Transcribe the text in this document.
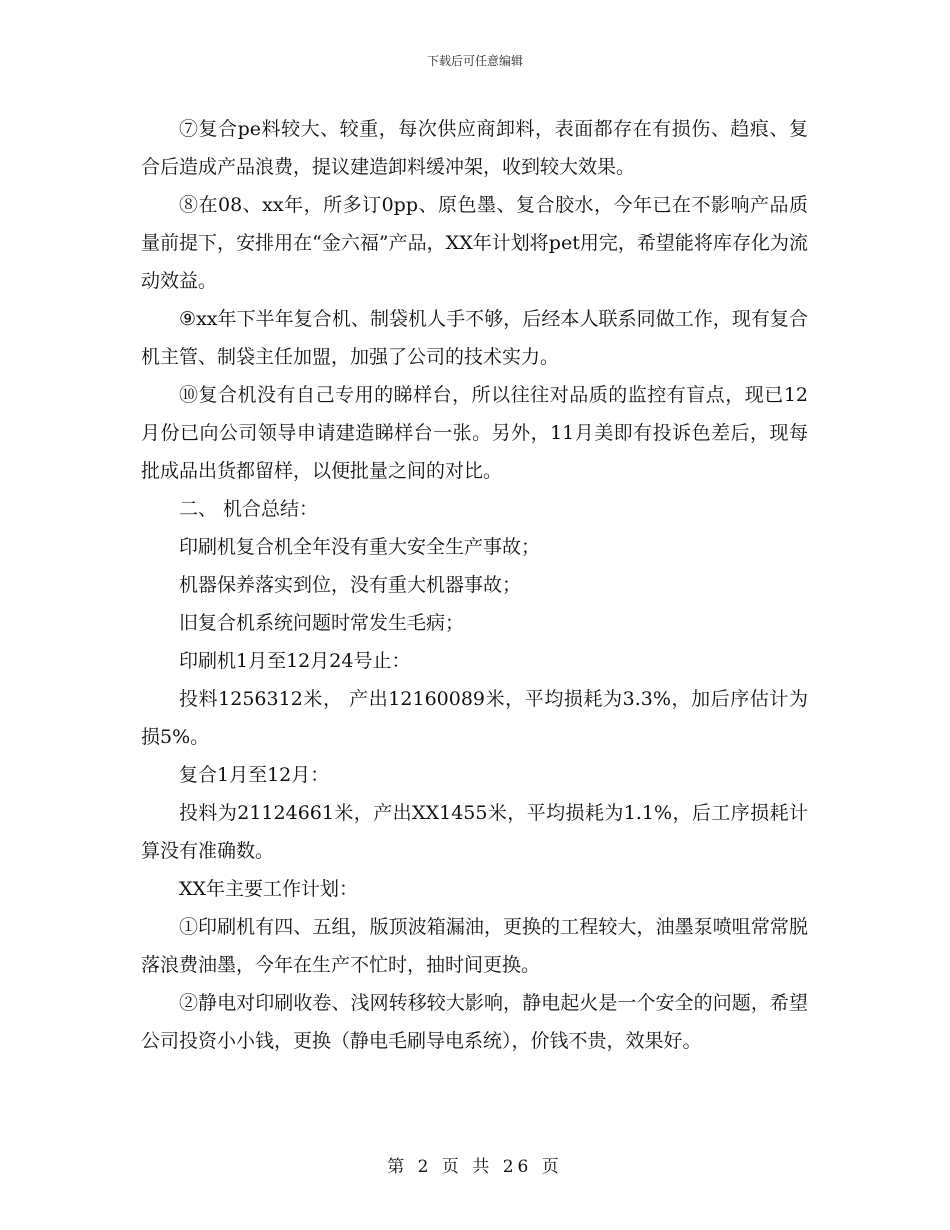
下载后可任意编辑

⑦复合pe料较大、较重，每次供应商卸料，表面都存在有损伤、趋痕、复合后造成产品浪费，提议建造卸料缓冲架，收到较大效果。

⑧在08、xx年，所多订0pp、原色墨、复合胶水，今年已在不影响产品质量前提下，安排用在“金六福”产品，XX年计划将pet用完，希望能将库存化为流动效益。

⑨xx年下半年复合机、制袋机人手不够，后经本人联系同做工作，现有复合机主管、制袋主任加盟，加强了公司的技术实力。

⑩复合机没有自己专用的睇样台，所以往往对品质的监控有盲点，现已12月份已向公司领导申请建造睇样台一张。另外，11月美即有投诉色差后，现每批成品出货都留样，以便批量之间的对比。

二、 机合总结：

印刷机复合机全年没有重大安全生产事故；

机器保养落实到位，没有重大机器事故；

旧复合机系统问题时常发生毛病；

印刷机1月至12月24号止：

投料1256312米， 产出12160089米，平均损耗为3.3%，加后序估计为损5%。

复合1月至12月：

投料为21124661米，产出XX1455米，平均损耗为1.1%，后工序损耗计算没有准确数。

XX年主要工作计划：

①印刷机有四、五组，版顶波箱漏油，更换的工程较大，油墨泵喷咀常常脱落浪费油墨，今年在生产不忙时，抽时间更换。

②静电对印刷收卷、浅网转移较大影响，静电起火是一个安全的问题，希望公司投资小小钱，更换（静电毛刷导电系统），价钱不贵，效果好。

第 2 页 共 26 页
